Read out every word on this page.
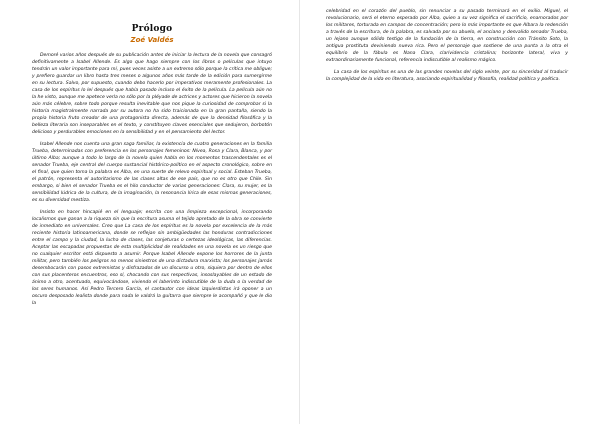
Prólogo
Zoé Valdés

Demoré varios años después de su publicación antes de iniciar la lectura de la novela que consagró definitivamente a Isabel Allende. Es algo que hago siempre con los libros o películas que intuyo tendrán un valor importante para mí, pues veces asiste a un extremo sólo porque la crítica me obligue; y prefiero guardar un libro hasta tres meses o algunos años más tarde de la edición para sumergirme en su lectura. Salvo, por supuesto, cuando debo hacerlo por imperativos meramente profesionales. La casa de los espíritus lo leí después que había pasado incluso el éxito de la película. La película aún no la he visto, aunque me apetece verla no sólo por la pléyade de actrices y actores que hicieron la novela aún más célebre, sobre todo porque resulta inevitable que nos pique la curiosidad de comprobar si la historia magistralmente narrada por su autora no ha sido traicionada en la gran pantalla, siendo la propia historia fruto creador de una protagonista directa, además de que la densidad filosófica y la belleza literaria son inseparables en el texto, y constituyen claves esenciales que sedujeron, borbotón delicioso y perdurables emociones en la sensibilidad y en el pensamiento del lector.

Isabel Allende nos cuenta una gran saga familiar, la existencia de cuatro generaciones en la familia Trueba, determinadas con preferencia en los personajes femeninos: Nívea, Rosa y Clara, Blanca, y por último Alba; aunque a todo lo largo de la novela quien habla en los momentos trascendentales es el senador Trueba, eje central del cuerpo sustancial histórico-político en el aspecto cronológico, sobre en el final, que quien toma la palabra es Alba, en una suerte de relevo espiritual y social. Esteban Trueba, el patrón, representa el autoritarismo de las clases altas de ese país, que no es otro que Chile. Sin embargo, si bien el senador Trueba es el hilo conductor de varias generaciones: Clara, su mujer, es la sensibilidad lúdrica de la cultura, de la imaginación, la resonancia lírica de esas mismas generaciones, es su diversidad mestiza.

Insisto en hacer hincapié en el lenguaje; escrita con una limpieza excepcional, incorporando localismos que ganan a la riqueza sin que la escritura asuma el tejido apretado de la obra se convierte de inmediato en universales. Creo que La casa de los espíritus es la novela por excelencia de la más reciente historia latinoamericana, donde se reflejan sin ambigüedades las honduras contradicciones entre el campo y la ciudad, la lucha de clases, las conjeturas o certezas ideológicas, las diferencias. Aceptar las escapadas propuestas de esta multiplicidad de realidades en una novela es un riesgo que no cualquier escritor está dispuesto a asumir. Porque Isabel Allende expone los horrores de la junta militar, pero también los peligros no menos siniestros de una dictadura marxista; los personajes jamás desembocarán con pasos extremistas y disfrazados de un discurso u otro, siquiera por dentro de ellos con sus placenteros encuentros, eso sí, chocando con sus respectivas, insoslayables de un estado de ánimo a otro, acentuado, equivocándose, viviendo el laberinto indiscutible de la duda o la verdad de los seres humanos. Así Pedro Tercero García, el cantautor con ideas izquierdistas irá oponer a un oscuro desposado lealista donde para nada le valdrá la guitarra que siempre le acompañó y que le dio la

celebridad en el corazón del pueblo, sin renunciar a su pasado terminará en el exilio. Miguel, el revolucionario, será el eterno esperado por Alba, quien a su vez significa el sacrificio, enamorados por los militares, torturada en campos de concentración; pero lo más importante es que Albara la redención a través de la escritura, de la palabra, es salvada por su abuelo, el anciano y desvalido senador Trueba, un lejano aunque sólido testigo de la fundación de la tierra, en construcción con Tránsito Soto, la antigua prostituta deviniendo nueva rica. Pero el personaje que sostiene de una punta a la otra el equilibrio de la fábula es Nana Clara, clarividencia cristalina; horizonte lateral, viva y extraordinariamente funcional, referencia indiscutible al realismo mágico.

La casa de los espíritus es una de las grandes novelas del siglo veinte, por su sinceridad al traducir la complejidad de la vida en literatura, asociando espiritualidad y filosofía, realidad política y poética.
